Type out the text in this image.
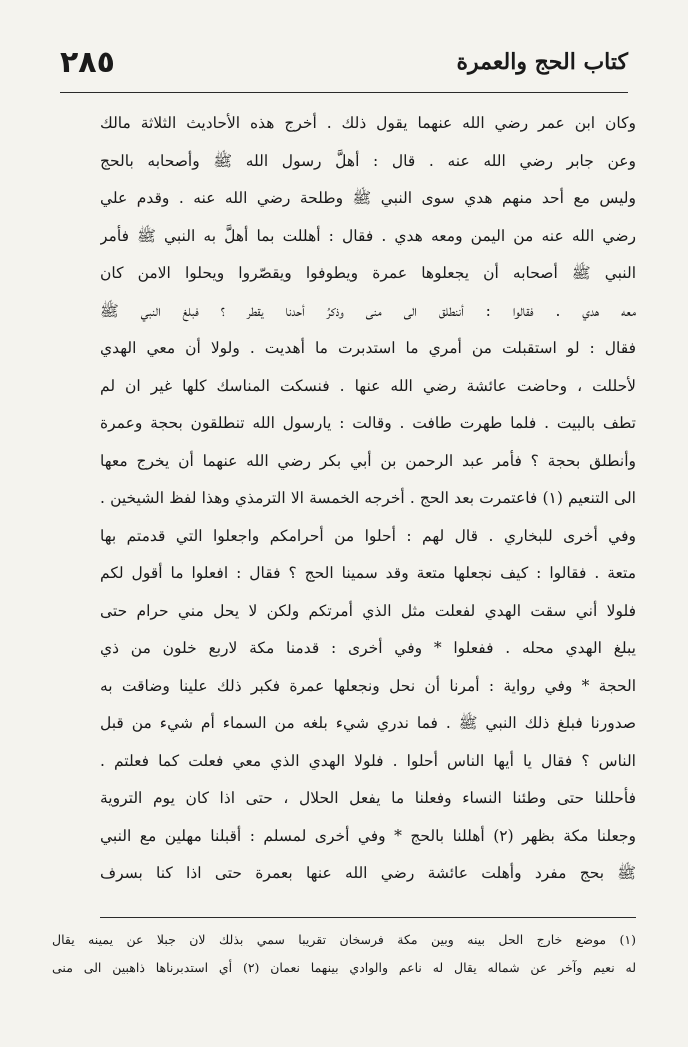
٢٨٥	كتاب الحج والعمرة
وكان ابن عمر رضي الله عنهما يقول ذلك . أخرج هذه الأحاديث الثلاثة مالك
وعن جابر رضي الله عنه . قال : أهلَّ رسول الله ﷺ وأصحابه بالحج
وليس مع أحد منهم هدي سوى النبي ﷺ وطلحة رضي الله عنه . وقدم علي
رضي الله عنه من اليمن ومعه هدي . فقال : أهللت بما أهلَّ به النبي ﷺ فأمر
النبي ﷺ أصحابه أن يجعلوها عمرة ويطوفوا ويقصّروا ويحلوا الامن كان
معه هدي . فقالوا : أننطلق الى منى وذكرُ أحدنا يقطر ؟ فبلغ النبي ﷺ
فقال : لو استقبلت من أمري ما استدبرت ما أهديت . ولولا أن معي الهدي
لأحللت ، وحاضت عائشة رضي الله عنها . فنسكت المناسك كلها غير ان لم
تطف بالبيت . فلما طهرت طافت . وقالت : يارسول الله تنطلقون بحجة وعمرة
وأنطلق بحجة ؟ فأمر عبد الرحمن بن أبي بكر رضي الله عنهما أن يخرج معها
الى التنعيم (١) فاعتمرت بعد الحج . أخرجه الخمسة الا الترمذي وهذا لفظ الشيخين .
وفي أخرى للبخاري . قال لهم : أحلوا من أحرامكم واجعلوا التي قدمتم بها
متعة . فقالوا : كيف نجعلها متعة وقد سمينا الحج ؟ فقال : افعلوا ما أقول لكم
فلولا أني سقت الهدي لفعلت مثل الذي أمرتكم ولكن لا يحل مني حرام حتى
يبلغ الهدي محله . ففعلوا * وفي أخرى : قدمنا مكة لاربع خلون من ذي
الحجة * وفي رواية : أمرنا أن نحل ونجعلها عمرة فكبر ذلك علينا وضاقت به
صدورنا فبلغ ذلك النبي ﷺ . فما ندري شيء بلغه من السماء أم شيء من قبل
الناس ؟ فقال يا أيها الناس أحلوا . فلولا الهدي الذي معي فعلت كما فعلتم .
فأحللنا حتى وطئنا النساء وفعلنا ما يفعل الحلال ، حتى اذا كان يوم التروية
وجعلنا مكة بظهر (٢) أهللنا بالحج * وفي أخرى لمسلم : أقبلنا مهلين مع النبي
ﷺ بحج مفرد وأهلت عائشة رضي الله عنها بعمرة حتى اذا كنا بسرف
(١) موضع خارج الحل بينه وبين مكة فرسخان تقريبا سمي بذلك لان جبلا عن يمينه يقال
له نعيم وآخر عن شماله يقال له ناعم والوادي بينهما نعمان (٢) أي استدبرناها ذاهبين الى منى
